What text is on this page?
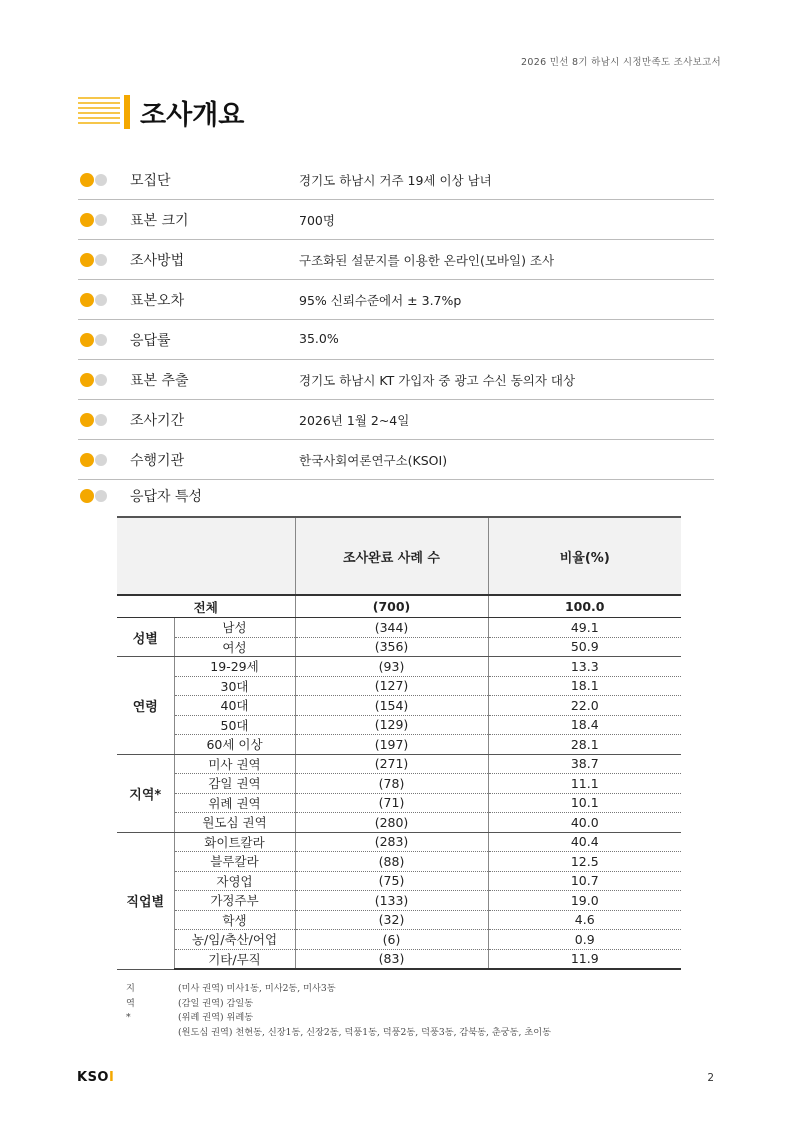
2026 민선 8기 하남시 시정만족도 조사보고서
조사개요
모집단	경기도 하남시 거주 19세 이상 남녀
표본 크기	700명
조사방법	구조화된 설문지를 이용한 온라인(모바일) 조사
표본오차	95% 신뢰수준에서 ± 3.7%p
응답률	35.0%
표본 추출	경기도 하남시 KT 가입자 중 광고 수신 동의자 대상
조사기간	2026년 1월 2~4일
수행기관	한국사회여론연구소(KSOI)
응답자 특성
		조사완료 사례 수	비율(%)
전체		(700)	100.0
성별	남성	(344)	49.1
	여성	(356)	50.9
연령	19-29세	(93)	13.3
	30대	(127)	18.1
	40대	(154)	22.0
	50대	(129)	18.4
	60세 이상	(197)	28.1
지역*	미사 권역	(271)	38.7
	감일 권역	(78)	11.1
	위례 권역	(71)	10.1
	원도심 권역	(280)	40.0
직업별	화이트칼라	(283)	40.4
	블루칼라	(88)	12.5
	자영업	(75)	10.7
	가정주부	(133)	19.0
	학생	(32)	4.6
	농/임/축산/어업	(6)	0.9
	기타/무직	(83)	11.9
지역*
(미사 권역) 미사1동, 미사2동, 미사3동
(감일 권역) 감일동
(위례 권역) 위례동
(원도심 권역) 천현동, 신장1동, 신장2동, 덕풍1동, 덕풍2동, 덕풍3동, 감북동, 춘궁동, 초이동
KSOI	2
